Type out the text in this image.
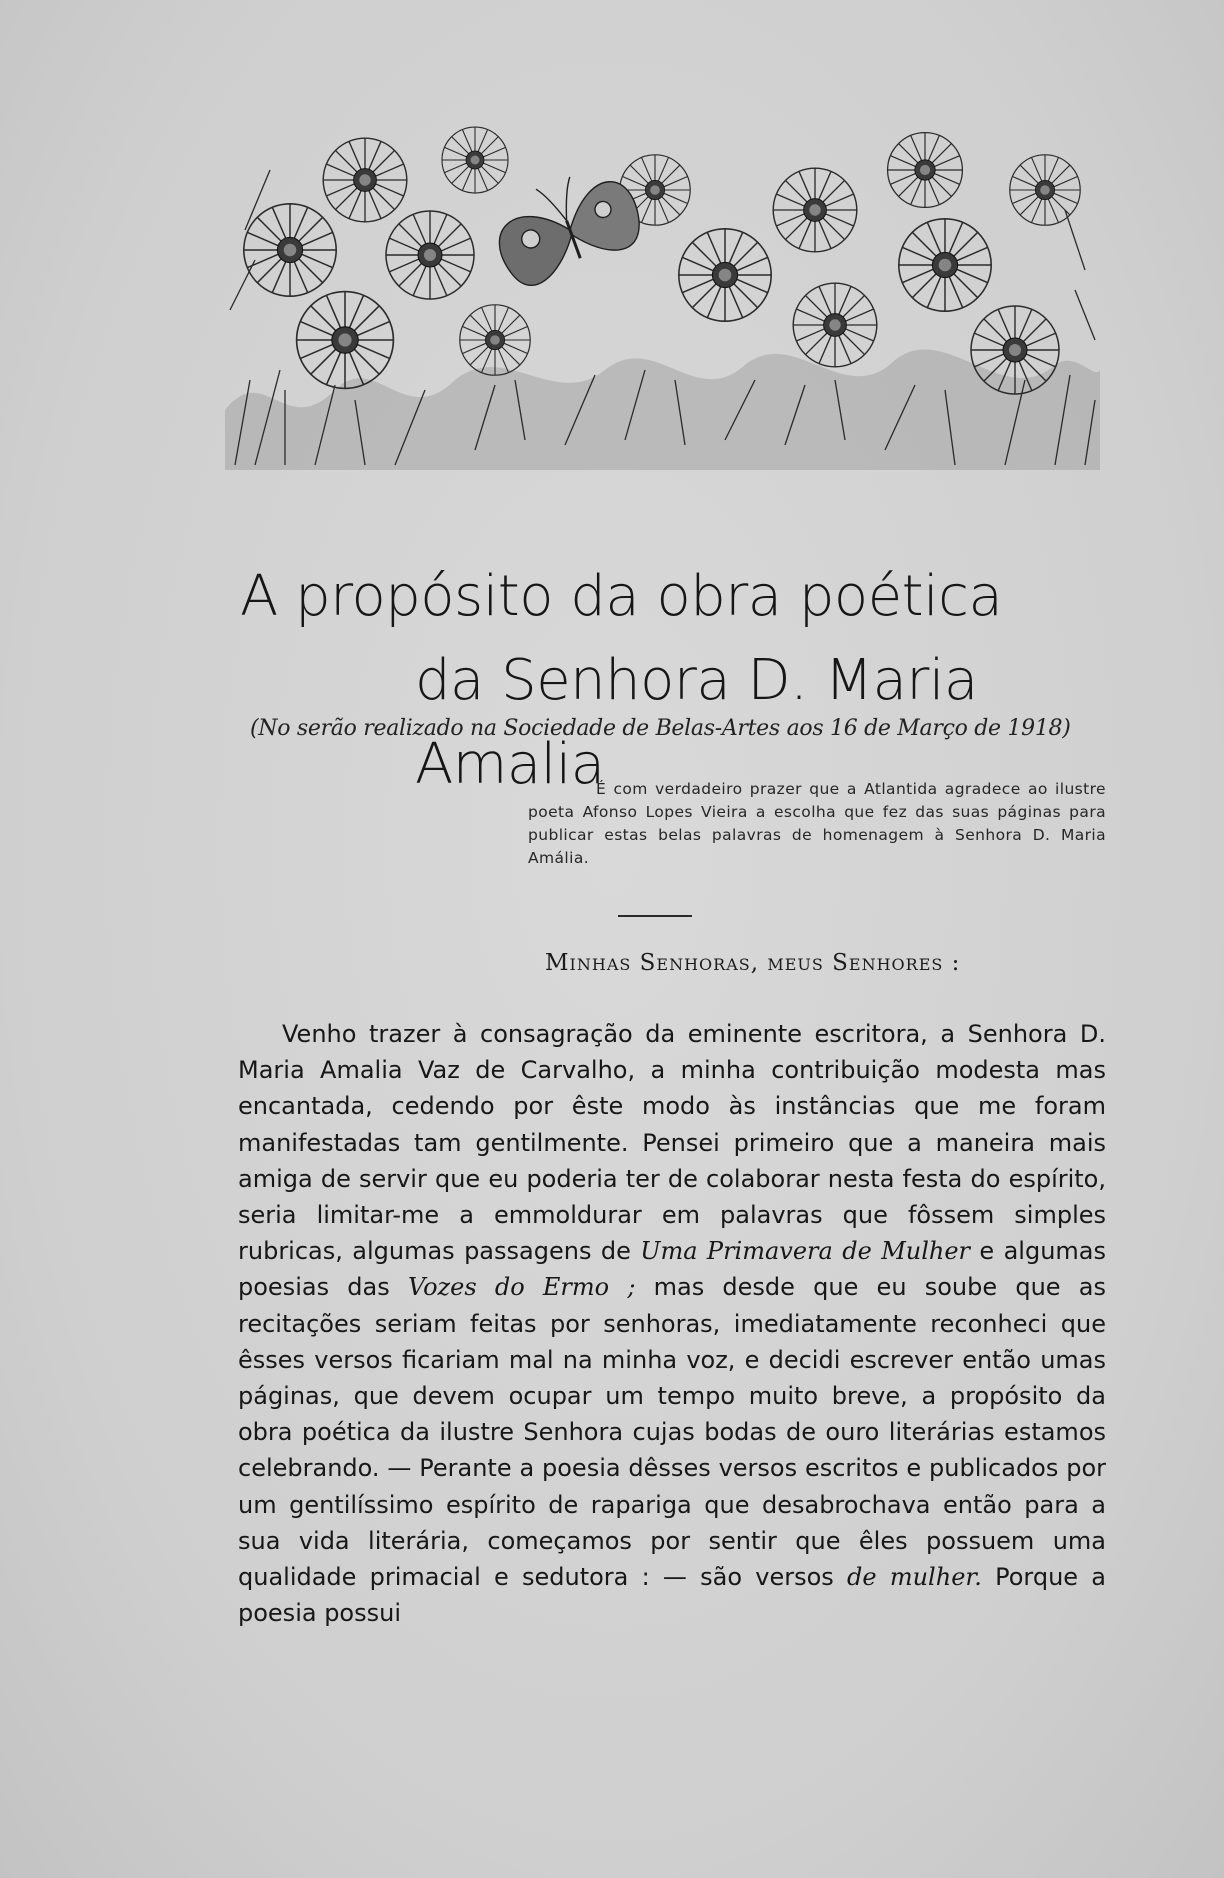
A propósito da obra poética
da Senhora D. Maria Amalia
(No serão realizado na Sociedade de Belas-Artes aos 16 de Março de 1918)

É com verdadeiro prazer que a Atlantida agradece ao ilustre poeta Afonso Lopes Vieira a escolha que fez das suas páginas para publicar estas belas palavras de homenagem à Senhora D. Maria Amália.

Minhas Senhoras, meus Senhores :

Venho trazer à consagração da eminente escritora, a Senhora D. Maria Amalia Vaz de Carvalho, a minha contribuição modesta mas encantada, cedendo por êste modo às instâncias que me foram manifestadas tam gentilmente. Pensei primeiro que a maneira mais amiga de servir que eu poderia ter de colaborar nesta festa do espírito, seria limitar-me a emmoldurar em palavras que fôssem simples rubricas, algumas passagens de Uma Primavera de Mulher e algumas poesias das Vozes do Ermo ; mas desde que eu soube que as recitações seriam feitas por senhoras, imediatamente reconheci que êsses versos ficariam mal na minha voz, e decidi escrever então umas páginas, que devem ocupar um tempo muito breve, a propósito da obra poética da ilustre Senhora cujas bodas de ouro literárias estamos celebrando. — Perante a poesia dêsses versos escritos e publicados por um gentilíssimo espírito de rapariga que desabrochava então para a sua vida literária, começamos por sentir que êles possuem uma qualidade primacial e sedutora : — são versos de mulher. Porque a poesia possui
